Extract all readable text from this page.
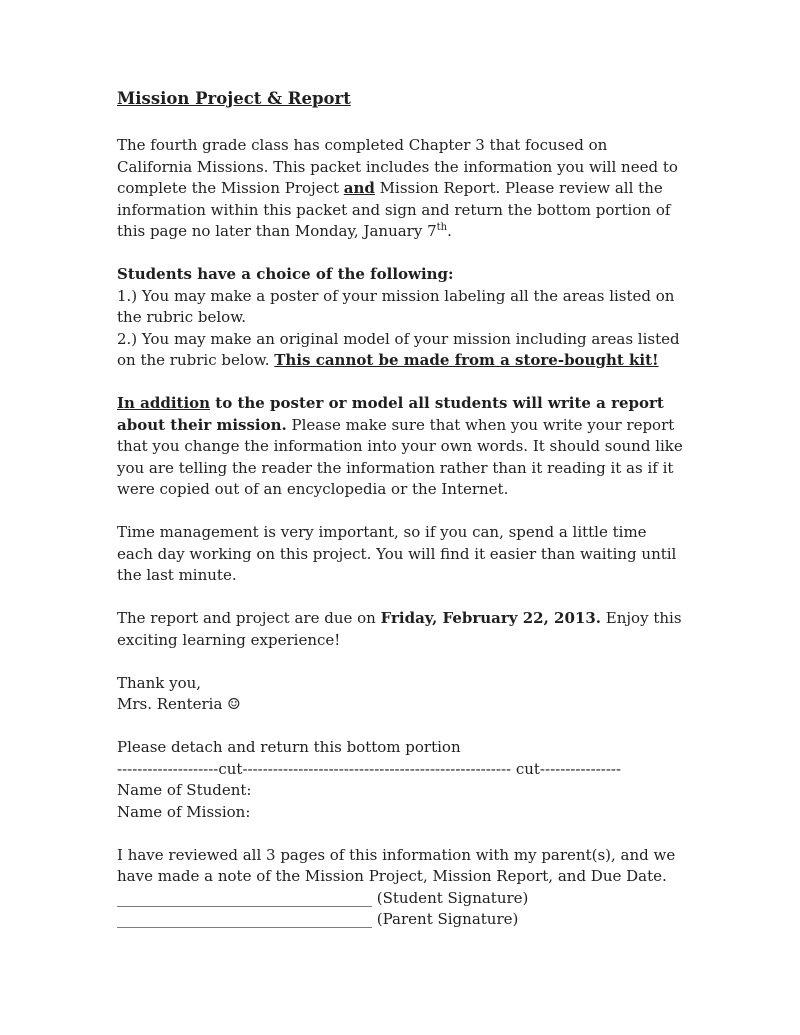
Mission Project & Report

The fourth grade class has completed Chapter 3 that focused on California Missions. This packet includes the information you will need to complete the Mission Project and Mission Report. Please review all the information within this packet and sign and return the bottom portion of this page no later than Monday, January 7th.

Students have a choice of the following:

1.) You may make a poster of your mission labeling all the areas listed on the rubric below.

2.) You may make an original model of your mission including areas listed on the rubric below. This cannot be made from a store-bought kit!

In addition to the poster or model all students will write a report about their mission. Please make sure that when you write your report that you change the information into your own words. It should sound like you are telling the reader the information rather than it reading it as if it were copied out of an encyclopedia or the Internet.

Time management is very important, so if you can, spend a little time each day working on this project. You will find it easier than waiting until the last minute.

The report and project are due on Friday, February 22, 2013. Enjoy this exciting learning experience!

Thank you,

Mrs. Renteria ☺

Please detach and return this bottom portion

--------------------cut----------------------------------------------------- cut----------------

Name of Student:

Name of Mission:

I have reviewed all 3 pages of this information with my parent(s), and we have made a note of the Mission Project, Mission Report, and Due Date.

__________________________________ (Student Signature)

__________________________________ (Parent Signature)
